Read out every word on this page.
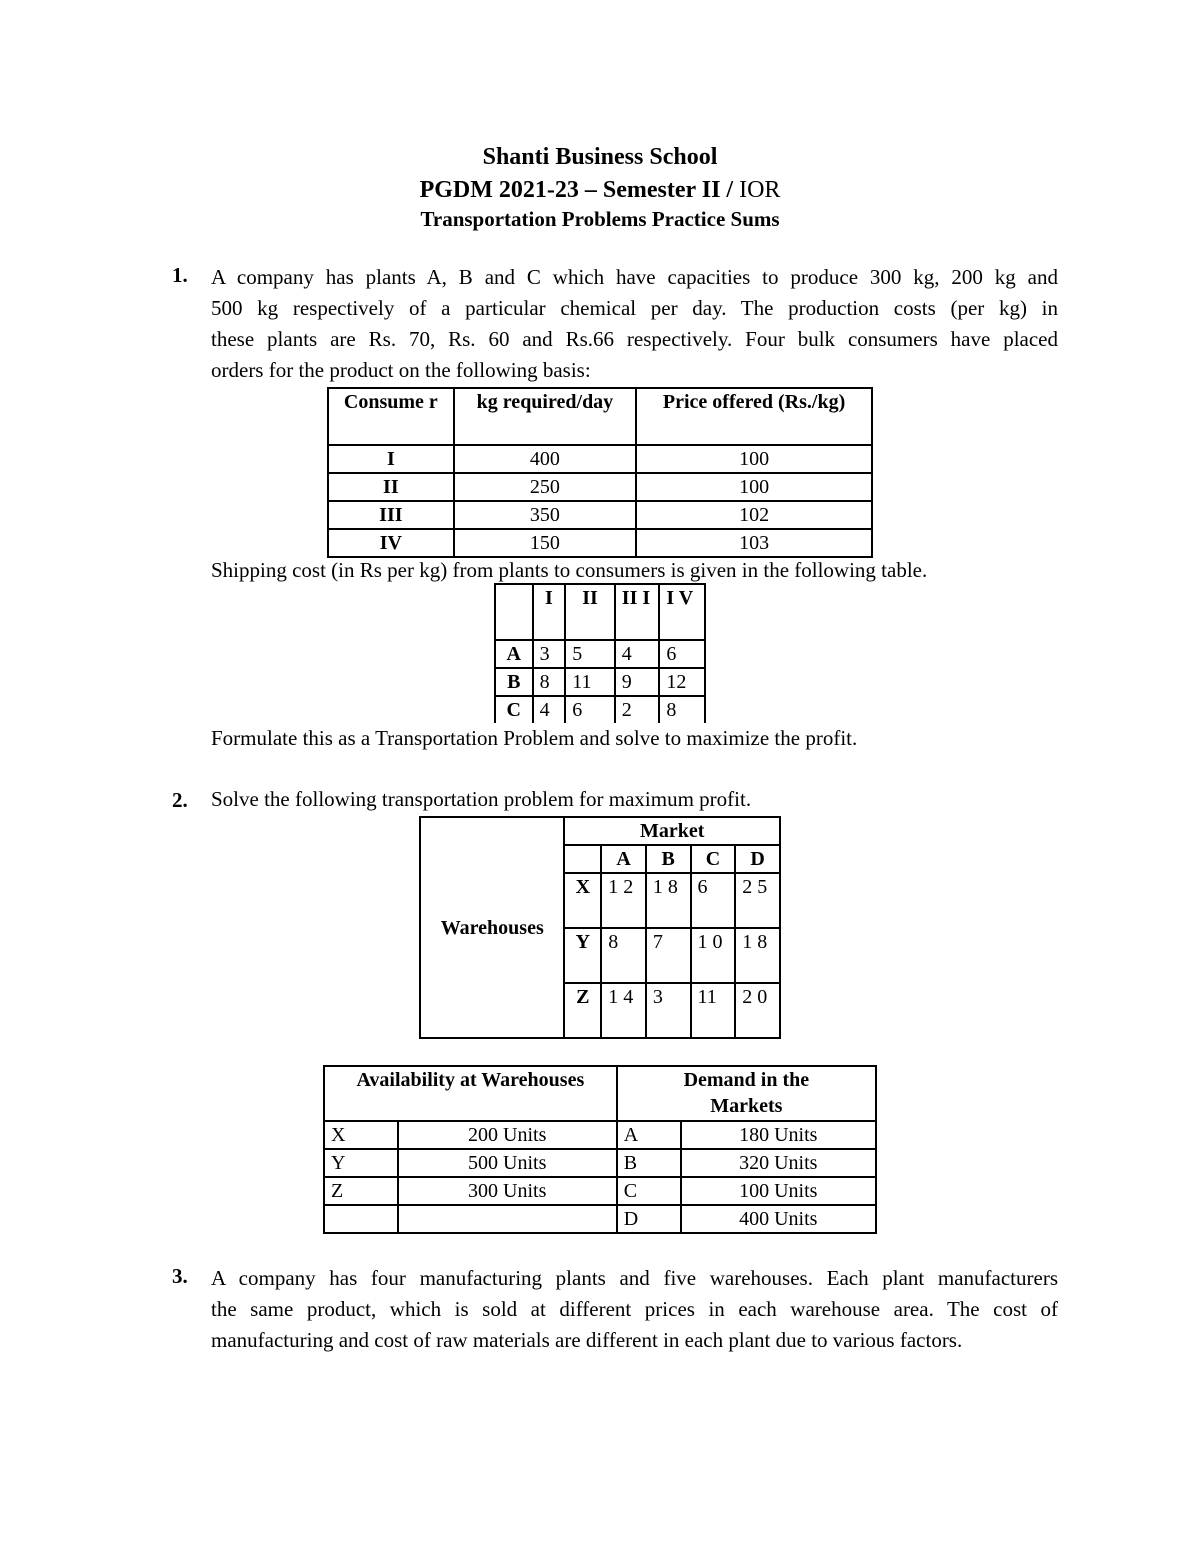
Shanti Business School
PGDM 2021-23 – Semester II / IOR
Transportation Problems Practice Sums
1. A company has plants A, B and C which have capacities to produce 300 kg, 200 kg and
500 kg respectively of a particular chemical per day. The production costs (per kg) in
these plants are Rs. 70, Rs. 60 and Rs.66 respectively. Four bulk consumers have placed
orders for the product on the following basis:
Consume r	kg required/day	Price offered (Rs./kg)
I	400	100
II	250	100
III	350	102
IV	150	103
Shipping cost (in Rs per kg) from plants to consumers is given in the following table.
	I	II	II I	I V
A	3	5	4	6
B	8	11	9	12
C	4	6	2	8
Formulate this as a Transportation Problem and solve to maximize the profit.
2. Solve the following transportation problem for maximum profit.
Warehouses	Market				
		A	B	C	D
	X	1 2	1 8	6	2 5
	Y	8	7	1 0	1 8
	Z	1 4	3	11	2 0
Availability at Warehouses		Demand in the Markets	
X	200 Units	A	180 Units
Y	500 Units	B	320 Units
Z	300 Units	C	100 Units
		D	400 Units
3. A company has four manufacturing plants and five warehouses. Each plant manufacturers
the same product, which is sold at different prices in each warehouse area. The cost of
manufacturing and cost of raw materials are different in each plant due to various factors.
